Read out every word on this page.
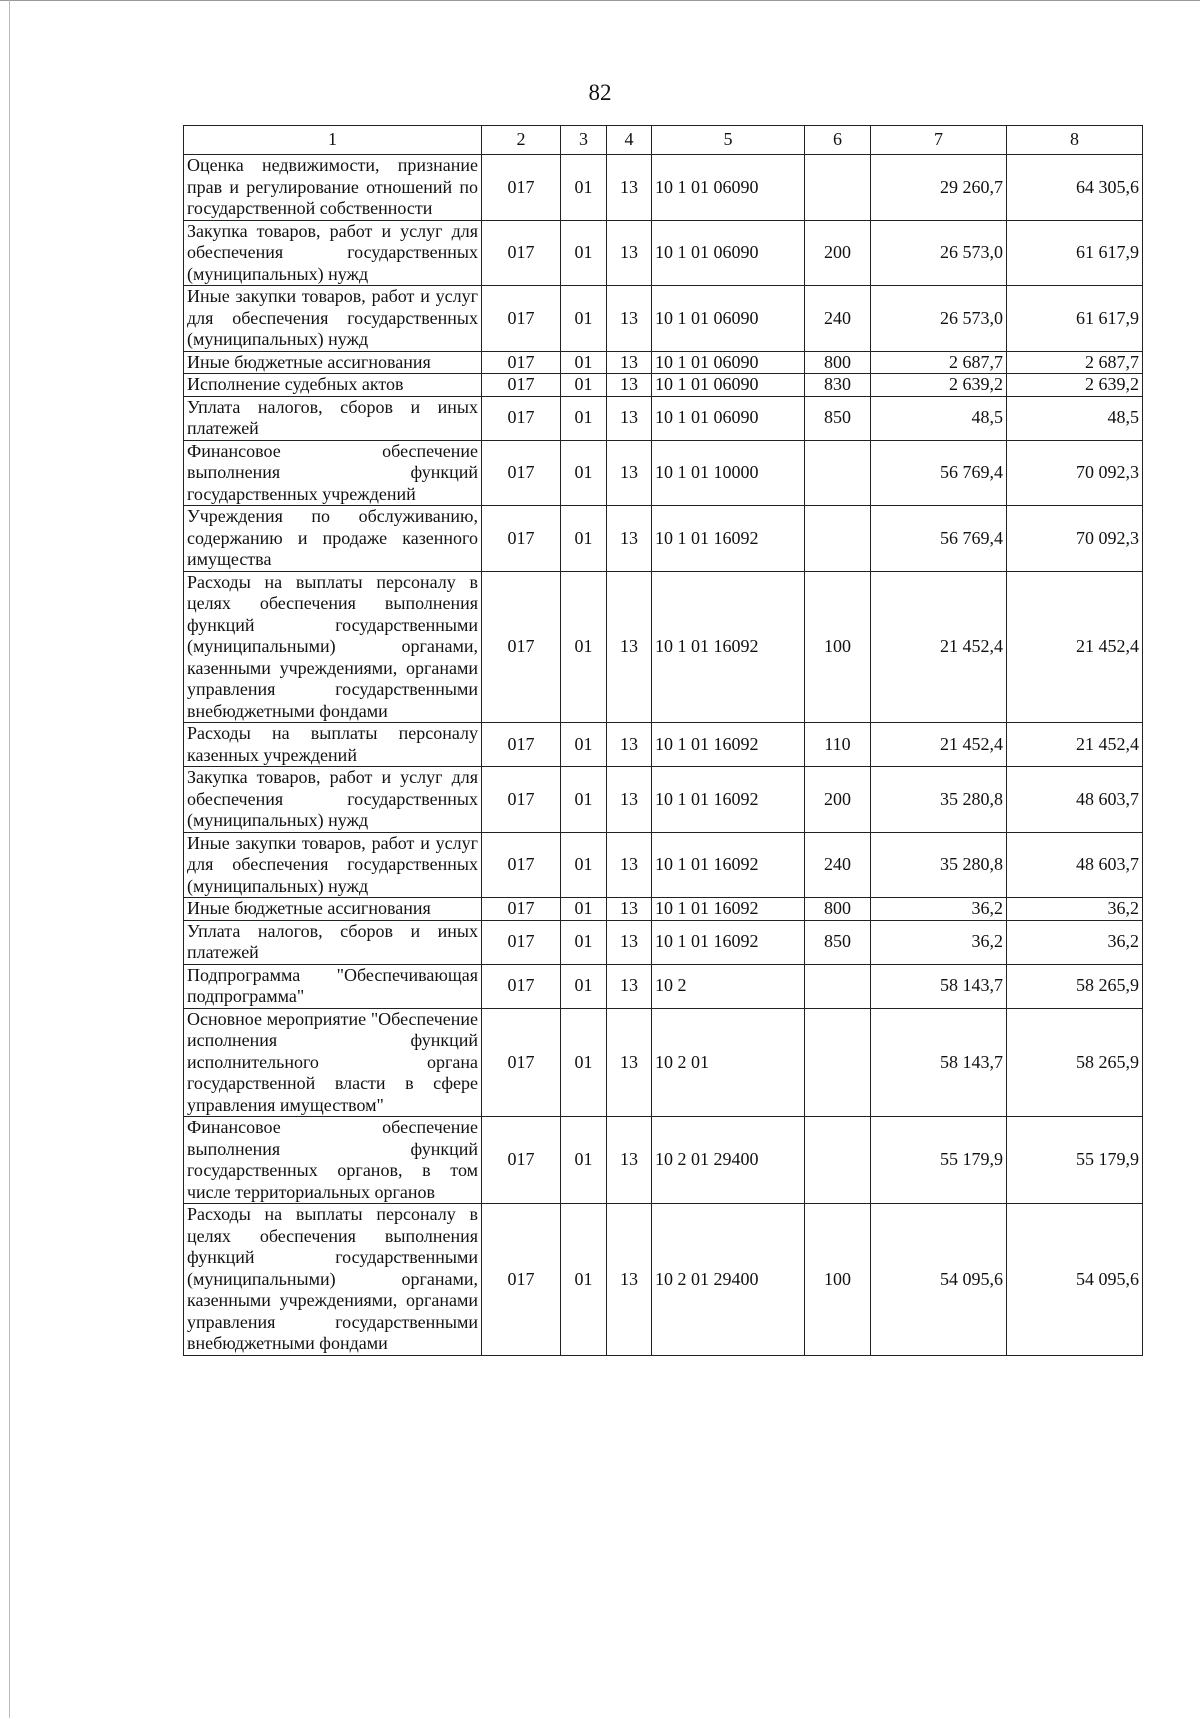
82
1	2	3	4	5	6	7	8
Оценка недвижимости, признание прав и регулирование отношений по государственной собственности	017	01	13	10 1 01 06090		29 260,7	64 305,6
Закупка товаров, работ и услуг для обеспечения государственных (муниципальных) нужд	017	01	13	10 1 01 06090	200	26 573,0	61 617,9
Иные закупки товаров, работ и услуг для обеспечения государственных (муниципальных) нужд	017	01	13	10 1 01 06090	240	26 573,0	61 617,9
Иные бюджетные ассигнования	017	01	13	10 1 01 06090	800	2 687,7	2 687,7
Исполнение судебных актов	017	01	13	10 1 01 06090	830	2 639,2	2 639,2
Уплата налогов, сборов и иных платежей	017	01	13	10 1 01 06090	850	48,5	48,5
Финансовое обеспечение выполнения функций государственных учреждений	017	01	13	10 1 01 10000		56 769,4	70 092,3
Учреждения по обслуживанию, содержанию и продаже казенного имущества	017	01	13	10 1 01 16092		56 769,4	70 092,3
Расходы на выплаты персоналу в целях обеспечения выполнения функций государственными (муниципальными) органами, казенными учреждениями, органами управления государственными внебюджетными фондами	017	01	13	10 1 01 16092	100	21 452,4	21 452,4
Расходы на выплаты персоналу казенных учреждений	017	01	13	10 1 01 16092	110	21 452,4	21 452,4
Закупка товаров, работ и услуг для обеспечения государственных (муниципальных) нужд	017	01	13	10 1 01 16092	200	35 280,8	48 603,7
Иные закупки товаров, работ и услуг для обеспечения государственных (муниципальных) нужд	017	01	13	10 1 01 16092	240	35 280,8	48 603,7
Иные бюджетные ассигнования	017	01	13	10 1 01 16092	800	36,2	36,2
Уплата налогов, сборов и иных платежей	017	01	13	10 1 01 16092	850	36,2	36,2
Подпрограмма "Обеспечивающая подпрограмма"	017	01	13	10 2		58 143,7	58 265,9
Основное мероприятие "Обеспечение исполнения функций исполнительного органа государственной власти в сфере управления имуществом"	017	01	13	10 2 01		58 143,7	58 265,9
Финансовое обеспечение выполнения функций государственных органов, в том числе территориальных органов	017	01	13	10 2 01 29400		55 179,9	55 179,9
Расходы на выплаты персоналу в целях обеспечения выполнения функций государственными (муниципальными) органами, казенными учреждениями, органами управления государственными внебюджетными фондами	017	01	13	10 2 01 29400	100	54 095,6	54 095,6
